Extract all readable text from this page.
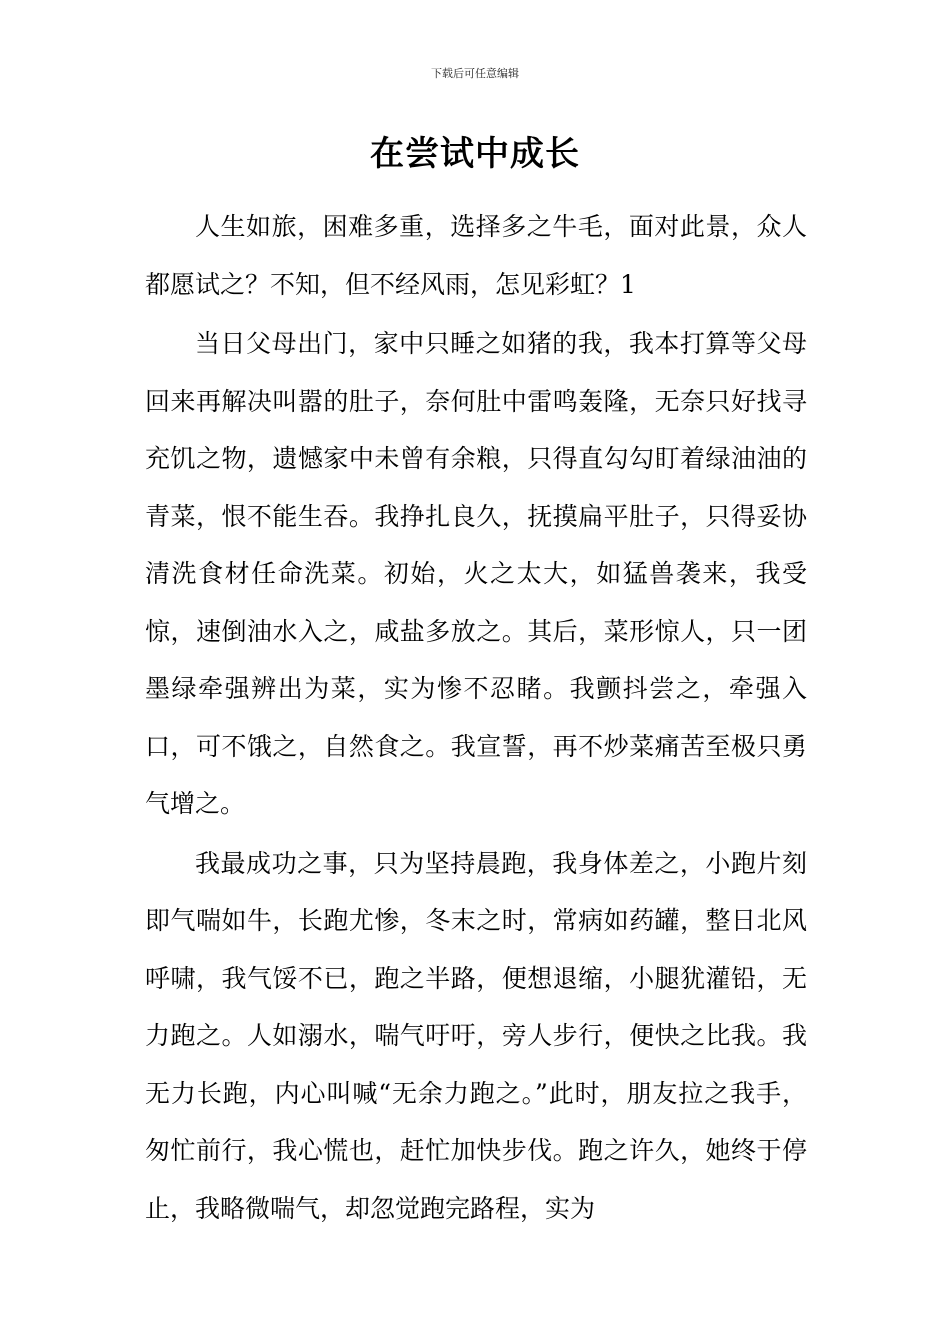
下载后可任意编辑
在尝试中成长

人生如旅，困难多重，选择多之牛毛，面对此景，众人都愿试之？不知，但不经风雨，怎见彩虹？1

当日父母出门，家中只睡之如猪的我，我本打算等父母回来再解决叫嚣的肚子，奈何肚中雷鸣轰隆，无奈只好找寻充饥之物，遗憾家中未曾有余粮，只得直勾勾盯着绿油油的青菜，恨不能生吞。我挣扎良久，抚摸扁平肚子，只得妥协清洗食材任命洗菜。初始，火之太大，如猛兽袭来，我受惊，速倒油水入之，咸盐多放之。其后，菜形惊人，只一团墨绿牵强辨出为菜，实为惨不忍睹。我颤抖尝之，牵强入口，可不饿之，自然食之。我宣誓，再不炒菜痛苦至极只勇气增之。

我最成功之事，只为坚持晨跑，我身体差之，小跑片刻即气喘如牛，长跑尤惨，冬末之时，常病如药罐，整日北风呼啸，我气馁不已，跑之半路，便想退缩，小腿犹灌铅，无力跑之。人如溺水，喘气吁吁，旁人步行，便快之比我。我无力长跑，内心叫喊“无余力跑之。”此时，朋友拉之我手，匆忙前行，我心慌也，赶忙加快步伐。跑之许久，她终于停止，我略微喘气，却忽觉跑完路程，实为
